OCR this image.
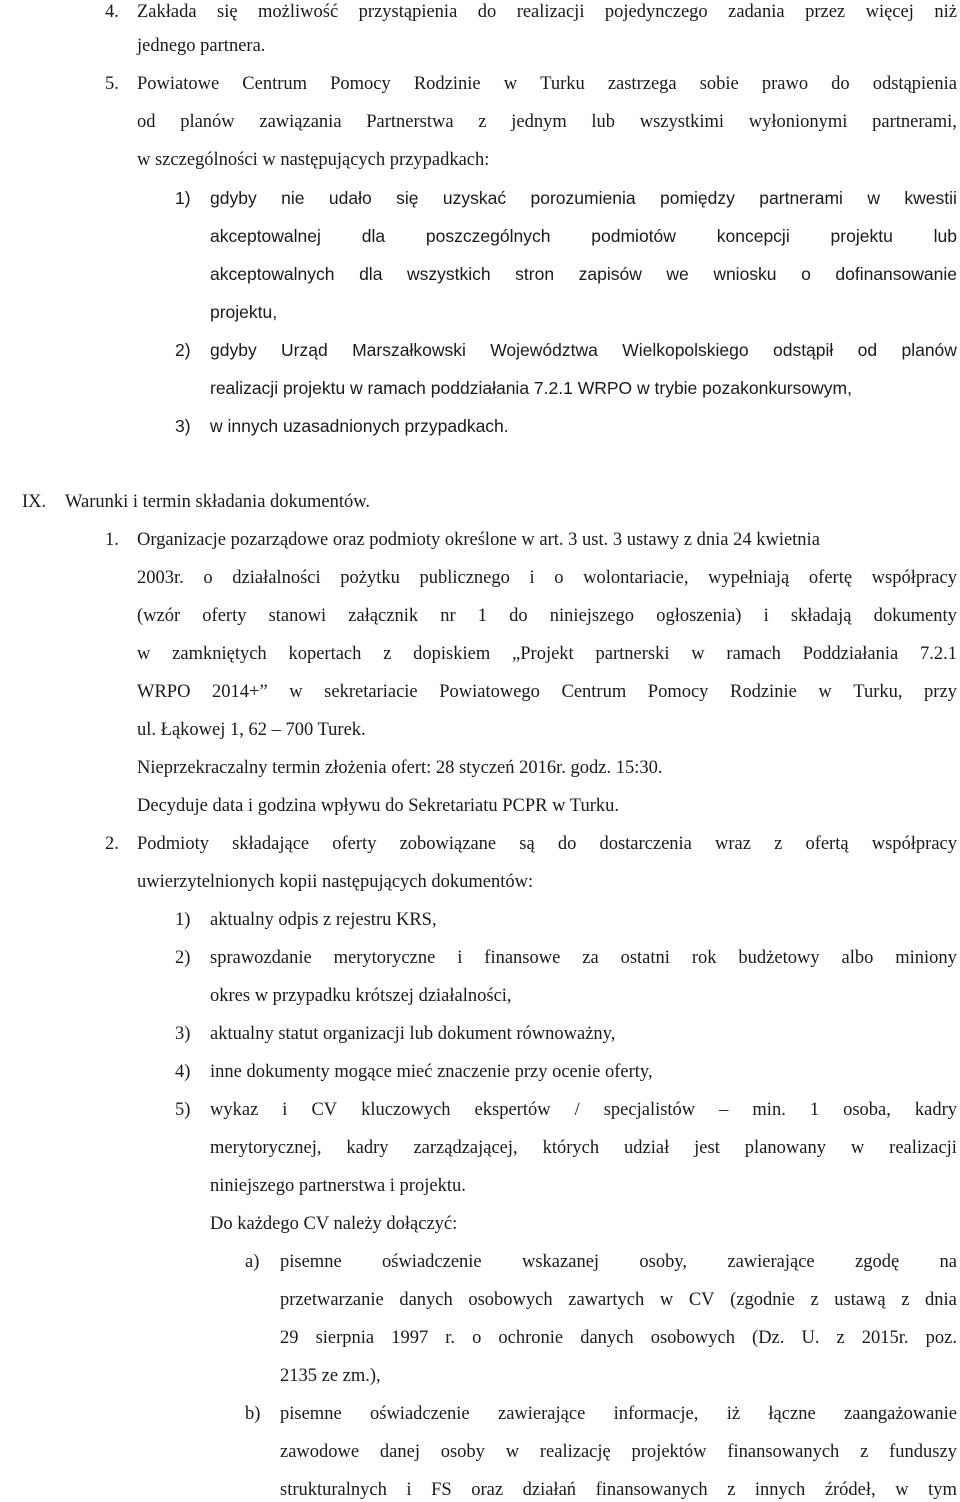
4. Zakłada się możliwość przystąpienia do realizacji pojedynczego zadania przez więcej niż
jednego partnera.
5. Powiatowe Centrum Pomocy Rodzinie w Turku zastrzega sobie prawo do odstąpienia
od planów zawiązania Partnerstwa z jednym lub wszystkimi wyłonionymi partnerami,
w szczególności w następujących przypadkach:
1) gdyby nie udało się uzyskać porozumienia pomiędzy partnerami w kwestii
akceptowalnej dla poszczególnych podmiotów koncepcji projektu lub
akceptowalnych dla wszystkich stron zapisów we wniosku o dofinansowanie
projektu,
2) gdyby Urząd Marszałkowski Województwa Wielkopolskiego odstąpił od planów
realizacji projektu w ramach poddziałania 7.2.1 WRPO w trybie pozakonkursowym,
3) w innych uzasadnionych przypadkach.
IX. Warunki i termin składania dokumentów.
1. Organizacje pozarządowe oraz podmioty określone w art. 3 ust. 3 ustawy z dnia 24 kwietnia
2003r. o działalności pożytku publicznego i o wolontariacie, wypełniają ofertę współpracy
(wzór oferty stanowi załącznik nr 1 do niniejszego ogłoszenia) i składają dokumenty
w zamkniętych kopertach z dopiskiem „Projekt partnerski w ramach Poddziałania 7.2.1
WRPO 2014+” w sekretariacie Powiatowego Centrum Pomocy Rodzinie w Turku, przy
ul. Łąkowej 1, 62 – 700 Turek.
Nieprzekraczalny termin złożenia ofert: 28 styczeń 2016r. godz. 15:30.
Decyduje data i godzina wpływu do Sekretariatu PCPR w Turku.
2. Podmioty składające oferty zobowiązane są do dostarczenia wraz z ofertą współpracy
uwierzytelnionych kopii następujących dokumentów:
1) aktualny odpis z rejestru KRS,
2) sprawozdanie merytoryczne i finansowe za ostatni rok budżetowy albo miniony
okres w przypadku krótszej działalności,
3) aktualny statut organizacji lub dokument równoważny,
4) inne dokumenty mogące mieć znaczenie przy ocenie oferty,
5) wykaz i CV kluczowych ekspertów / specjalistów – min. 1 osoba, kadry
merytorycznej, kadry zarządzającej, których udział jest planowany w realizacji
niniejszego partnerstwa i projektu.
Do każdego CV należy dołączyć:
a) pisemne oświadczenie wskazanej osoby, zawierające zgodę na
przetwarzanie danych osobowych zawartych w CV (zgodnie z ustawą z dnia
29 sierpnia 1997 r. o ochronie danych osobowych (Dz. U. z 2015r. poz.
2135 ze zm.),
b) pisemne oświadczenie zawierające informacje, iż łączne zaangażowanie
zawodowe danej osoby w realizację projektów finansowanych z funduszy
strukturalnych i FS oraz działań finansowanych z innych źródeł, w tym
